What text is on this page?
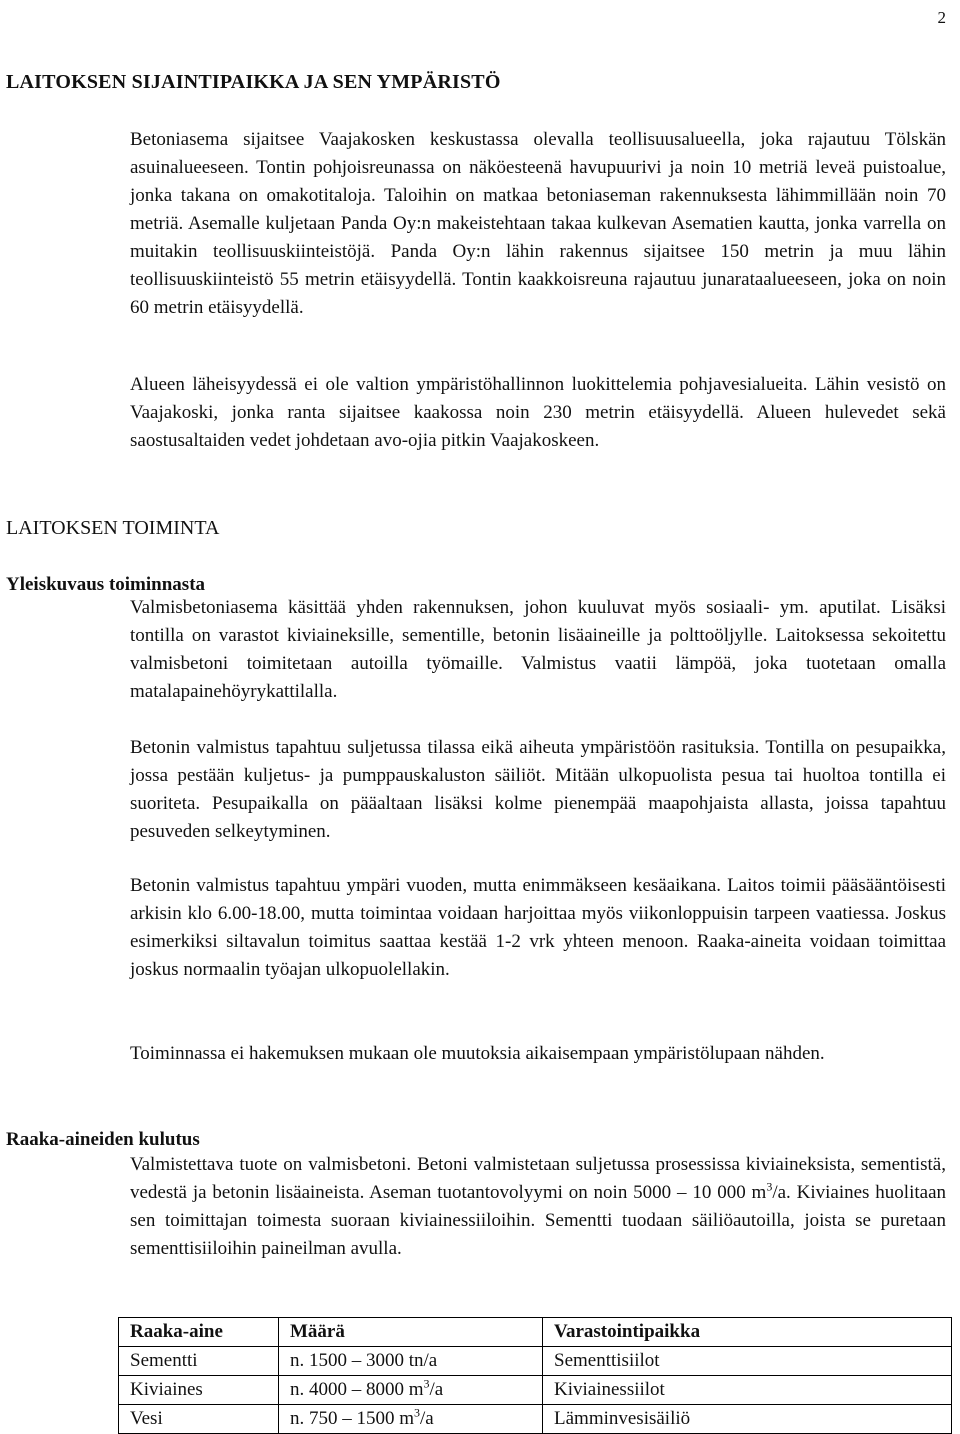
2
LAITOKSEN SIJAINTIPAIKKA JA SEN YMPÄRISTÖ
Betoniasema sijaitsee Vaajakosken keskustassa olevalla teollisuusalueella, joka rajautuu Tölskän asuinalueeseen. Tontin pohjoisreunassa on näköesteenä havupuurivi ja noin 10 metriä leveä puistoalue, jonka takana on omakotitaloja. Taloihin on matkaa betoniaseman rakennuksesta lähimmillään noin 70 metriä. Asemalle kuljetaan Panda Oy:n makeistehtaan takaa kulkevan Asematien kautta, jonka varrella on muitakin teollisuuskiinteistöjä. Panda Oy:n lähin rakennus sijaitsee 150 metrin ja muu lähin teollisuuskiinteistö 55 metrin etäisyydellä. Tontin kaakkoisreuna rajautuu junarataalueeseen, joka on noin 60 metrin etäisyydellä.
Alueen läheisyydessä ei ole valtion ympäristöhallinnon luokittelemia pohjavesialueita. Lähin vesistö on Vaajakoski, jonka ranta sijaitsee kaakossa noin 230 metrin etäisyydellä. Alueen hulevedet sekä saostusaltaiden vedet johdetaan avo-ojia pitkin Vaajakoskeen.
LAITOKSEN TOIMINTA
Yleiskuvaus toiminnasta
Valmisbetoniasema käsittää yhden rakennuksen, johon kuuluvat myös sosiaali- ym. aputilat. Lisäksi tontilla on varastot kiviaineksille, sementille, betonin lisäaineille ja polttoöljylle. Laitoksessa sekoitettu valmisbetoni toimitetaan autoilla työmaille. Valmistus vaatii lämpöä, joka tuotetaan omalla matalapainehöyrykattilalla.
Betonin valmistus tapahtuu suljetussa tilassa eikä aiheuta ympäristöön rasituksia. Tontilla on pesupaikka, jossa pestään kuljetus- ja pumppauskaluston säiliöt. Mitään ulkopuolista pesua tai huoltoa tontilla ei suoriteta. Pesupaikalla on pääaltaan lisäksi kolme pienempää maapohjaista allasta, joissa tapahtuu pesuveden selkeytyminen.
Betonin valmistus tapahtuu ympäri vuoden, mutta enimmäkseen kesäaikana. Laitos toimii pääsääntöisesti arkisin klo 6.00-18.00, mutta toimintaa voidaan harjoittaa myös viikonloppuisin tarpeen vaatiessa. Joskus esimerkiksi siltavalun toimitus saattaa kestää 1-2 vrk yhteen menoon. Raaka-aineita voidaan toimittaa joskus normaalin työajan ulkopuolellakin.
Toiminnassa ei hakemuksen mukaan ole muutoksia aikaisempaan ympäristölupaan nähden.
Raaka-aineiden kulutus
Valmistettava tuote on valmisbetoni. Betoni valmistetaan suljetussa prosessissa kiviaineksista, sementistä, vedestä ja betonin lisäaineista. Aseman tuotantovolyymi on noin 5000 – 10 000 $m^3/a$. Kiviaines huolitaan sen toimittajan toimesta suoraan kiviainessiiloihin. Sementti tuodaan säiliöautoilla, joista se puretaan sementtisiiloihin paineilman avulla.
Raaka-aine	Määrä	Varastointipaikka
Sementti	n. 1500 – 3000 tn/a	Sementtisiilot
Kiviaines	n. 4000 – 8000 $m^3/a$	Kiviainessiilot
Vesi	n. 750 – 1500 $m^3/a$	Lämminvesisäiliö
